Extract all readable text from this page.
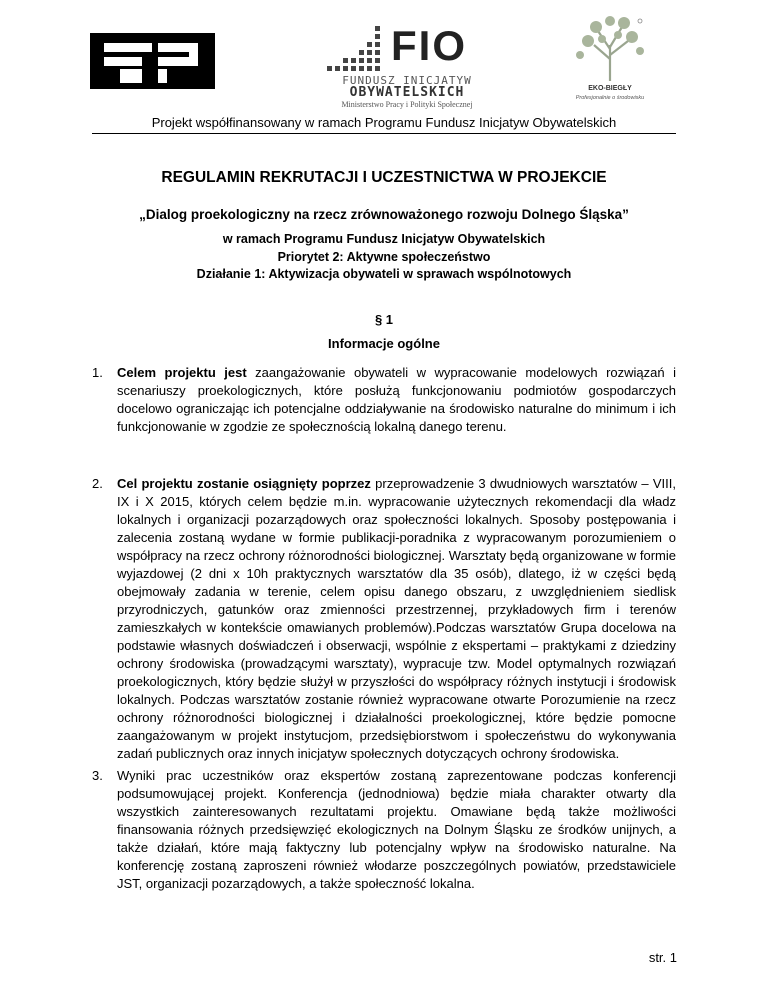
FIO
FUNDUSZ INICJATYW
OBYWATELSKICH
Ministerstwo Pracy i Polityki Społecznej
EKO-BIEGŁY
Profesjonalnie o środowisku
Projekt współfinansowany w ramach Programu Fundusz Inicjatyw Obywatelskich
REGULAMIN REKRUTACJI I UCZESTNICTWA W PROJEKCIE
„Dialog proekologiczny na rzecz zrównoważonego rozwoju Dolnego Śląska”
w ramach Programu Fundusz Inicjatyw Obywatelskich
Priorytet 2: Aktywne społeczeństwo
Działanie 1: Aktywizacja obywateli w sprawach wspólnotowych
§ 1
Informacje ogólne
1. Celem projektu jest zaangażowanie obywateli w wypracowanie modelowych rozwiązań i scenariuszy proekologicznych, które posłużą funkcjonowaniu podmiotów gospodarczych docelowo ograniczając ich potencjalne oddziaływanie na środowisko naturalne do minimum i ich funkcjonowanie w zgodzie ze społecznością lokalną danego terenu.
2. Cel projektu zostanie osiągnięty poprzez przeprowadzenie 3 dwudniowych warsztatów – VIII, IX i X 2015, których celem będzie m.in. wypracowanie użytecznych rekomendacji dla władz lokalnych i organizacji pozarządowych oraz społeczności lokalnych. Sposoby postępowania i zalecenia zostaną wydane w formie publikacji-poradnika z wypracowanym porozumieniem o współpracy na rzecz ochrony różnorodności biologicznej. Warsztaty będą organizowane w formie wyjazdowej (2 dni x 10h praktycznych warsztatów dla 35 osób), dlatego, iż w części będą obejmowały zadania w terenie, celem opisu danego obszaru, z uwzględnieniem siedlisk przyrodniczych, gatunków oraz zmienności przestrzennej, przykładowych firm i terenów zamieszkałych w kontekście omawianych problemów).Podczas warsztatów Grupa docelowa na podstawie własnych doświadczeń i obserwacji, wspólnie z ekspertami – praktykami z dziedziny ochrony środowiska (prowadzącymi warsztaty), wypracuje tzw. Model optymalnych rozwiązań proekologicznych, który będzie służył w przyszłości do współpracy różnych instytucji i środowisk lokalnych. Podczas warsztatów zostanie również wypracowane otwarte Porozumienie na rzecz ochrony różnorodności biologicznej i działalności proekologicznej, które będzie pomocne zaangażowanym w projekt instytucjom, przedsiębiorstwom i społeczeństwu do wykonywania zadań publicznych oraz innych inicjatyw społecznych dotyczących ochrony środowiska.
3. Wyniki prac uczestników oraz ekspertów zostaną zaprezentowane podczas konferencji podsumowującej projekt. Konferencja (jednodniowa) będzie miała charakter otwarty dla wszystkich zainteresowanych rezultatami projektu. Omawiane będą także możliwości finansowania różnych przedsięwzięć ekologicznych na Dolnym Śląsku ze środków unijnych, a także działań, które mają faktyczny lub potencjalny wpływ na środowisko naturalne. Na konferencję zostaną zaproszeni również włodarze poszczególnych powiatów, przedstawiciele JST, organizacji pozarządowych, a także społeczność lokalna.
str. 1
